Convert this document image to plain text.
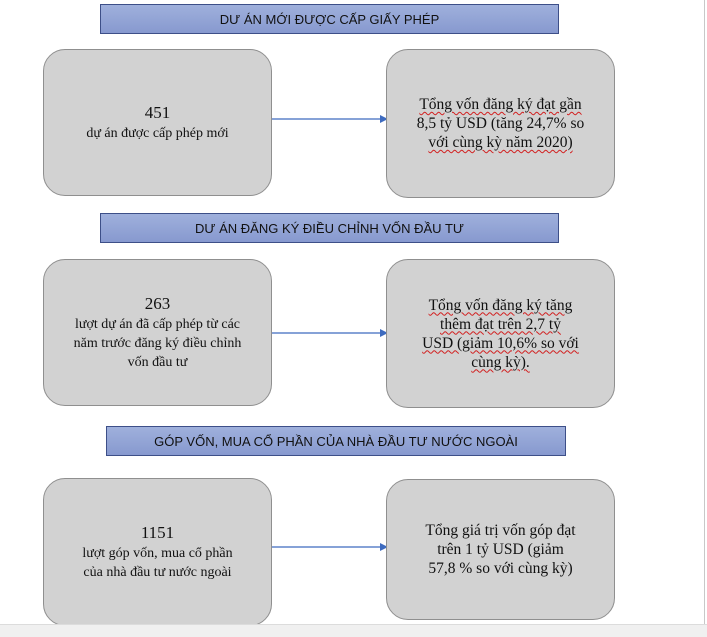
DƯ ÁN MỚI ĐƯỢC CẤP GIẤY PHÉP
451
dự án được cấp phép mới
Tổng vốn đăng ký đạt gần
8,5 tỷ USD (tăng 24,7% so
với cùng kỳ năm 2020)
DƯ ÁN ĐĂNG KÝ ĐIỀU CHỈNH VỐN ĐẦU TƯ
263
lượt dự án đã cấp phép từ các
năm trước đăng ký điều chỉnh
vốn đầu tư
Tổng vốn đăng ký tăng
thêm đạt trên 2,7 tỷ
USD (giảm 10,6% so với
cùng kỳ).
GÓP VỐN, MUA CỔ PHẦN CỦA NHÀ ĐẦU TƯ NƯỚC NGOÀI
1151
lượt góp vốn, mua cổ phần
của nhà đầu tư nước ngoài
Tổng giá trị vốn góp đạt
trên 1 tỷ USD (giảm
57,8 % so với cùng kỳ)
